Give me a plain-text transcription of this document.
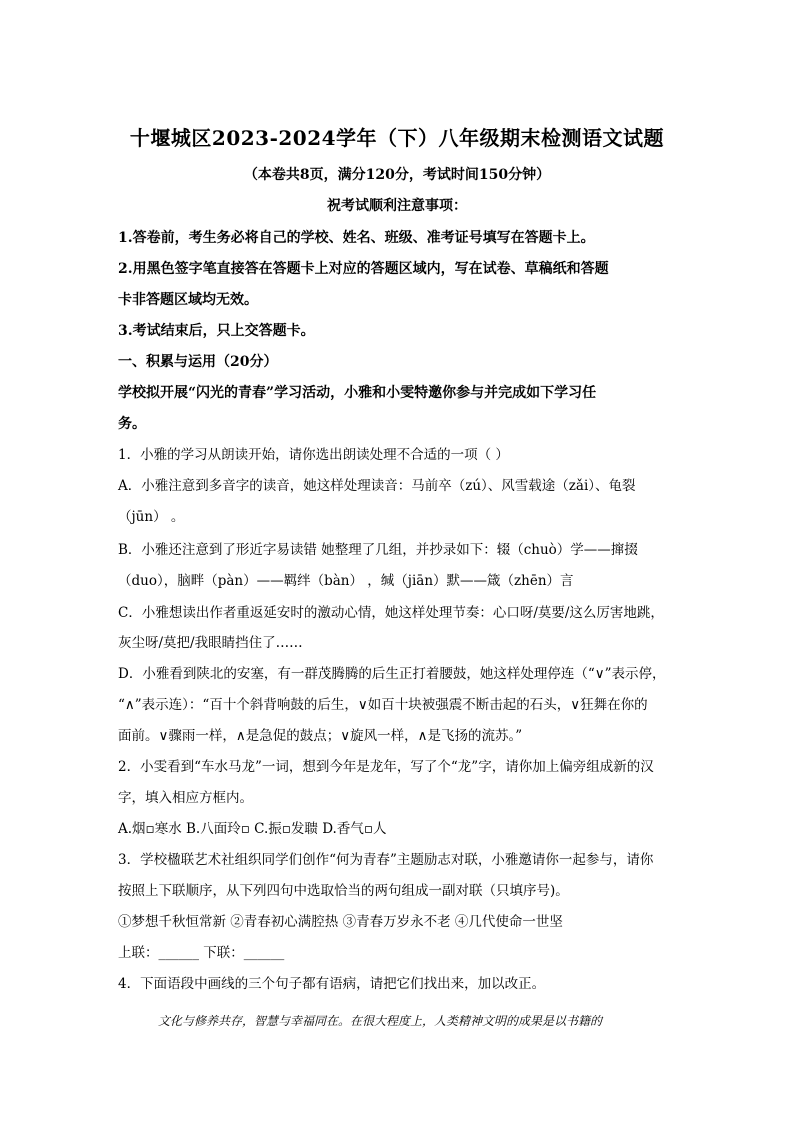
十堰城区2023-2024学年（下）八年级期末检测语文试题
（本卷共8页，满分120分，考试时间150分钟）
祝考试顺利注意事项：
1.答卷前，考生务必将自己的学校、姓名、班级、准考证号填写在答题卡上。
2.用黑色签字笔直接答在答题卡上对应的答题区域内，写在试卷、草稿纸和答题
卡非答题区域均无效。
3.考试结束后，只上交答题卡。
一、积累与运用（20分）
学校拟开展“闪光的青春”学习活动，小雅和小雯特邀你参与并完成如下学习任
务。
1．小雅的学习从朗读开始，请你选出朗读处理不合适的一项（ ）
A．小雅注意到多音字的读音，她这样处理读音：马前卒（zú）、风雪载途（zǎi）、龟裂
（jūn） 。
B．小雅还注意到了形近字易读错 她整理了几组，并抄录如下：辍（chuò）学——撺掇
（duo），脑畔（pàn）——羁绊（bàn） ，缄（jiān）默——箴（zhēn）言
C．小雅想读出作者重返延安时的激动心情，她这样处理节奏：心口呀/莫要/这么厉害地跳，
灰尘呀/莫把/我眼睛挡住了……
D．小雅看到陕北的安塞，有一群茂腾腾的后生正打着腰鼓，她这样处理停连（“∨”表示停，
“∧”表示连）：“百十个斜背响鼓的后生，∨如百十块被强震不断击起的石头，∨狂舞在你的
面前。∨骤雨一样，∧是急促的鼓点；∨旋风一样，∧是飞扬的流苏。”
2．小雯看到“车水马龙”一词，想到今年是龙年，写了个“龙”字，请你加上偏旁组成新的汉
字，填入相应方框内。
A.烟▫寒水 B.八面玲▫ C.振▫发聩 D.香气▫人
3．学校楹联艺术社组织同学们创作“何为青春”主题励志对联，小雅邀请你一起参与，请你
按照上下联顺序，从下列四句中选取恰当的两句组成一副对联（只填序号)。
①梦想千秋恒常新 ②青春初心满腔热 ③青春万岁永不老 ④几代使命一世坚
上联：______ 下联：______
4．下面语段中画线的三个句子都有语病，请把它们找出来，加以改正。
文化与修养共存，智慧与幸福同在。在很大程度上，人类精神文明的成果是以书籍的
